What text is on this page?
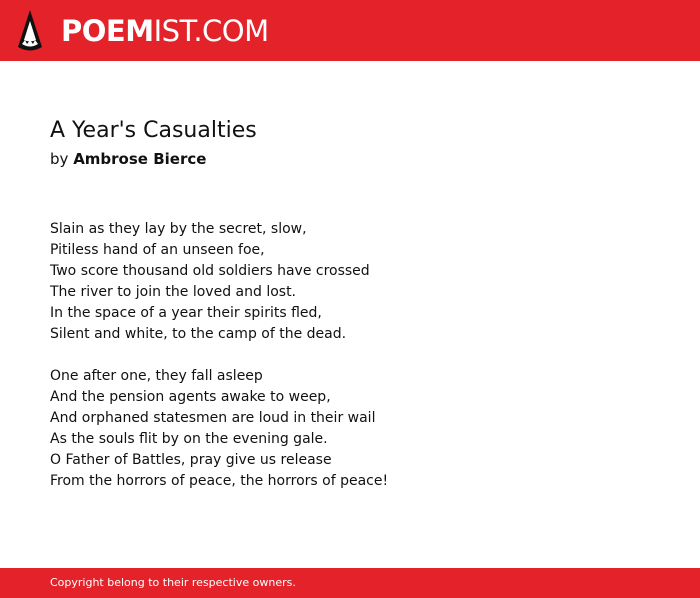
POEMIST.COM
A Year's Casualties
by Ambrose Bierce
Slain as they lay by the secret, slow,
Pitiless hand of an unseen foe,
Two score thousand old soldiers have crossed
The river to join the loved and lost.
In the space of a year their spirits fled,
Silent and white, to the camp of the dead.
One after one, they fall asleep
And the pension agents awake to weep,
And orphaned statesmen are loud in their wail
As the souls flit by on the evening gale.
O Father of Battles, pray give us release
From the horrors of peace, the horrors of peace!
Copyright belong to their respective owners.
